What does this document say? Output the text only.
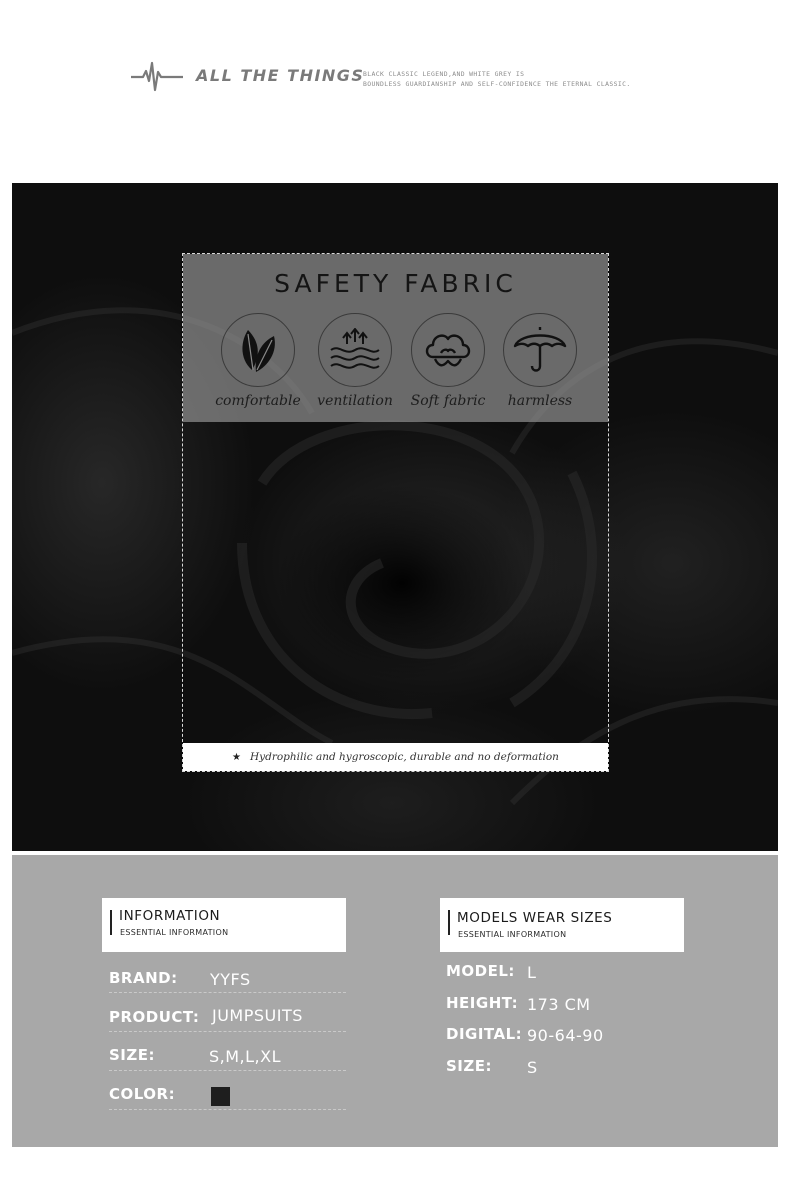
ALL THE THINGS
BLACK CLASSIC LEGEND,AND WHITE GREY IS
BOUNDLESS GUARDIANSHIP AND SELF-CONFIDENCE THE ETERNAL CLASSIC.
SAFETY FABRIC
comfortable	ventilation	Soft fabric	harmless
★ Hydrophilic and hygroscopic, durable and no deformation
INFORMATION
ESSENTIAL INFORMATION
BRAND: YYFS
PRODUCT: JUMPSUITS
SIZE:	S,M,L,XL
COLOR:
MODELS WEAR SIZES
ESSENTIAL INFORMATION
MODEL: L
HEIGHT: 173 CM
DIGITAL: 90-64-90
SIZE: S
